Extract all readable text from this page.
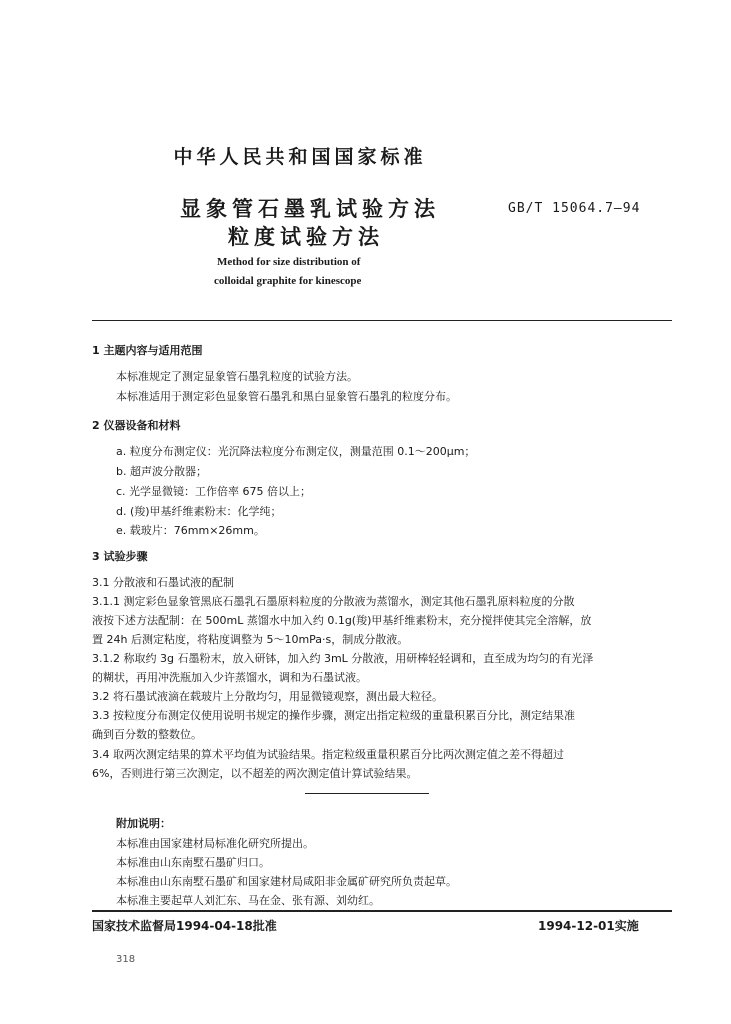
中华人民共和国国家标准
显象管石墨乳试验方法
粒度试验方法
GB/T 15064.7—94
Method for size distribution of
colloidal graphite for kinescope
1 主题内容与适用范围
本标准规定了测定显象管石墨乳粒度的试验方法。
本标准适用于测定彩色显象管石墨乳和黑白显象管石墨乳的粒度分布。
2 仪器设备和材料
a. 粒度分布测定仪：光沉降法粒度分布测定仪，测量范围 0.1～200μm；
b. 超声波分散器；
c. 光学显微镜：工作倍率 675 倍以上；
d. (羧)甲基纤维素粉末：化学纯；
e. 载玻片：76mm×26mm。
3 试验步骤
3.1 分散液和石墨试液的配制
3.1.1 测定彩色显象管黑底石墨乳石墨原料粒度的分散液为蒸馏水，测定其他石墨乳原料粒度的分散
液按下述方法配制：在 500mL 蒸馏水中加入约 0.1g(羧)甲基纤维素粉末，充分搅拌使其完全溶解，放
置 24h 后测定粘度，将粘度调整为 5～10mPa·s，制成分散液。
3.1.2 称取约 3g 石墨粉末，放入研钵，加入约 3mL 分散液，用研棒轻轻调和，直至成为均匀的有光泽
的糊状，再用冲洗瓶加入少许蒸馏水，调和为石墨试液。
3.2 将石墨试液滴在载玻片上分散均匀，用显微镜观察，测出最大粒径。
3.3 按粒度分布测定仪使用说明书规定的操作步骤，测定出指定粒级的重量积累百分比，测定结果准
确到百分数的整数位。
3.4 取两次测定结果的算术平均值为试验结果。指定粒级重量积累百分比两次测定值之差不得超过
6%，否则进行第三次测定，以不超差的两次测定值计算试验结果。
附加说明：
本标准由国家建材局标准化研究所提出。
本标准由山东南墅石墨矿归口。
本标准由山东南墅石墨矿和国家建材局咸阳非金属矿研究所负责起草。
本标准主要起草人刘汇东、马在金、张有源、刘幼红。
国家技术监督局1994-04-18批准	1994-12-01实施
318
